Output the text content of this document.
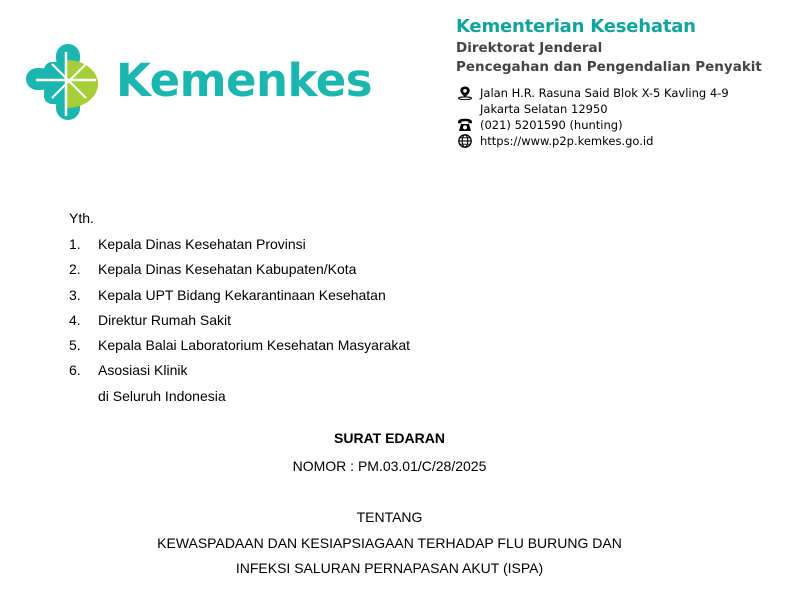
Kemenkes
Kementerian Kesehatan
Direktorat Jenderal
Pencegahan dan Pengendalian Penyakit
Jalan H.R. Rasuna Said Blok X-5 Kavling 4-9
Jakarta Selatan 12950
(021) 5201590 (hunting)
https://www.p2p.kemkes.go.id
Yth.
1. Kepala Dinas Kesehatan Provinsi
2. Kepala Dinas Kesehatan Kabupaten/Kota
3. Kepala UPT Bidang Kekarantinaan Kesehatan
4. Direktur Rumah Sakit
5. Kepala Balai Laboratorium Kesehatan Masyarakat
6. Asosiasi Klinik
di Seluruh Indonesia
SURAT EDARAN
NOMOR : PM.03.01/C/28/2025
TENTANG
KEWASPADAAN DAN KESIAPSIAGAAN TERHADAP FLU BURUNG DAN
INFEKSI SALURAN PERNAPASAN AKUT (ISPA)
